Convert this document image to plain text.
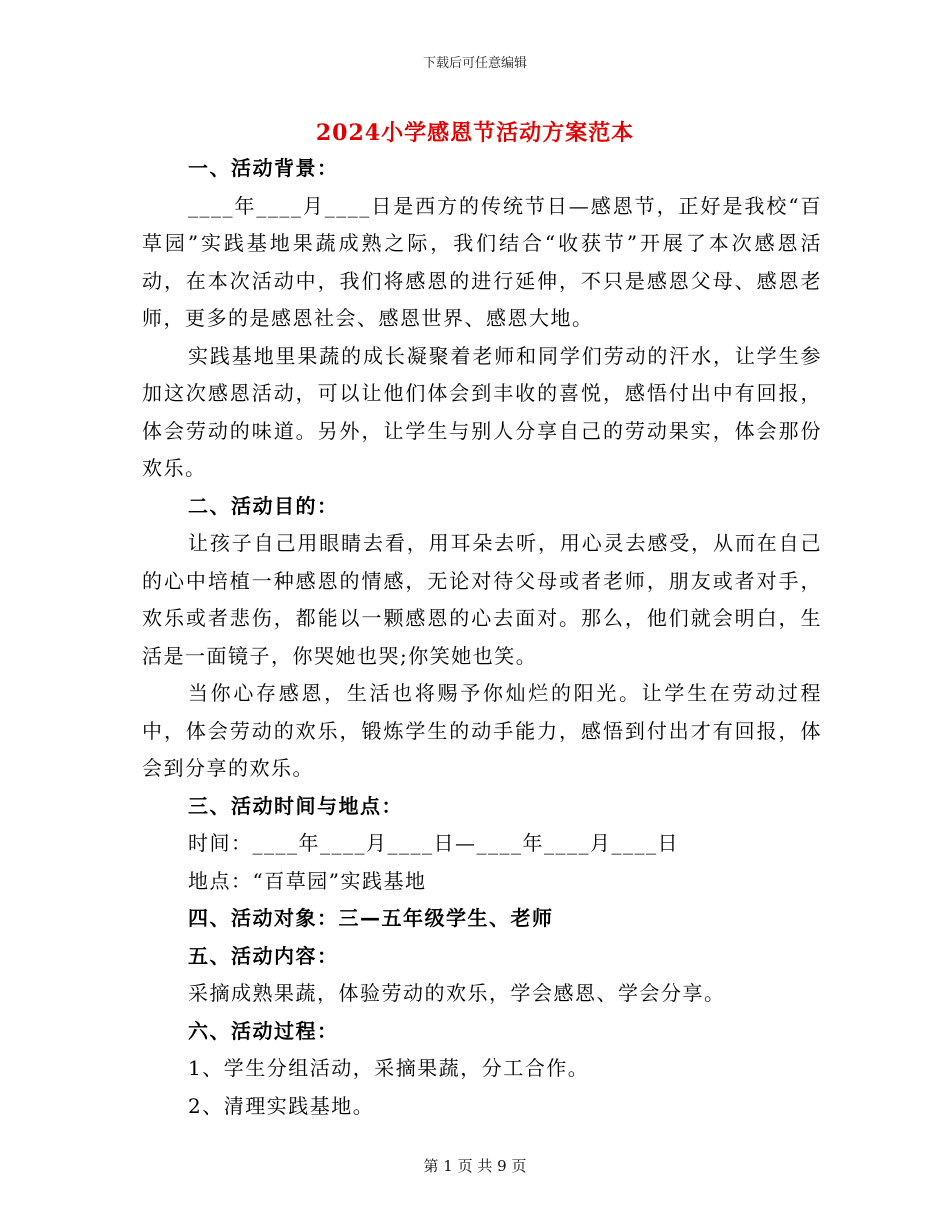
下载后可任意编辑
2024小学感恩节活动方案范本

一、活动背景：

____年____月____日是西方的传统节日—感恩节，正好是我校“百草园”实践基地果蔬成熟之际，我们结合“收获节”开展了本次感恩活动，在本次活动中，我们将感恩的进行延伸，不只是感恩父母、感恩老师，更多的是感恩社会、感恩世界、感恩大地。

实践基地里果蔬的成长凝聚着老师和同学们劳动的汗水，让学生参加这次感恩活动，可以让他们体会到丰收的喜悦，感悟付出中有回报，体会劳动的味道。另外，让学生与别人分享自己的劳动果实，体会那份欢乐。

二、活动目的：

让孩子自己用眼睛去看，用耳朵去听，用心灵去感受，从而在自己的心中培植一种感恩的情感，无论对待父母或者老师，朋友或者对手，欢乐或者悲伤，都能以一颗感恩的心去面对。那么，他们就会明白，生活是一面镜子，你哭她也哭;你笑她也笑。

当你心存感恩，生活也将赐予你灿烂的阳光。让学生在劳动过程中，体会劳动的欢乐，锻炼学生的动手能力，感悟到付出才有回报，体会到分享的欢乐。

三、活动时间与地点：

时间：____年____月____日—____年____月____日

地点：“百草园”实践基地

四、活动对象：三—五年级学生、老师

五、活动内容：

采摘成熟果蔬，体验劳动的欢乐，学会感恩、学会分享。

六、活动过程：

1、学生分组活动，采摘果蔬，分工合作。

2、清理实践基地。

第 1 页 共 9 页
